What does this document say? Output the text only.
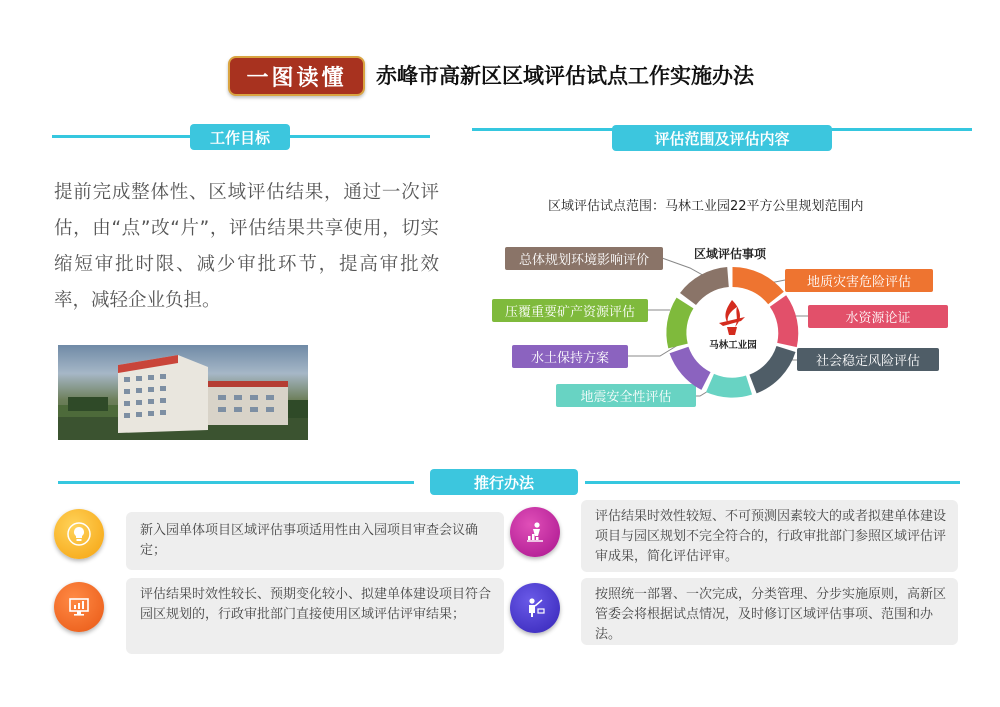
一图读懂	赤峰市高新区区域评估试点工作实施办法
工作目标
提前完成整体性、区域评估结果，通过一次评估，由“点”改“片”，评估结果共享使用，切实缩短审批时限、减少审批环节，提高审批效率，减轻企业负担。
评估范围及评估内容
区域评估试点范围：马林工业园22平方公里规划范围内
区域评估事项
总体规划环境影响评价
地质灾害危险评估
压覆重要矿产资源评估	水资源论证
水土保持方案	社会稳定风险评估
地震安全性评估
马林工业园
推行办法
新入园单体项目区域评估事项适用性由入园项目审查会议确定；
评估结果时效性较长、预期变化较小、拟建单体建设项目符合园区规划的，行政审批部门直接使用区域评估评审结果；
评估结果时效性较短、不可预测因素较大的或者拟建单体建设项目与园区规划不完全符合的，行政审批部门参照区域评估评审成果，简化评估评审。
按照统一部署、一次完成，分类管理、分步实施原则，高新区管委会将根据试点情况，及时修订区域评估事项、范围和办法。
